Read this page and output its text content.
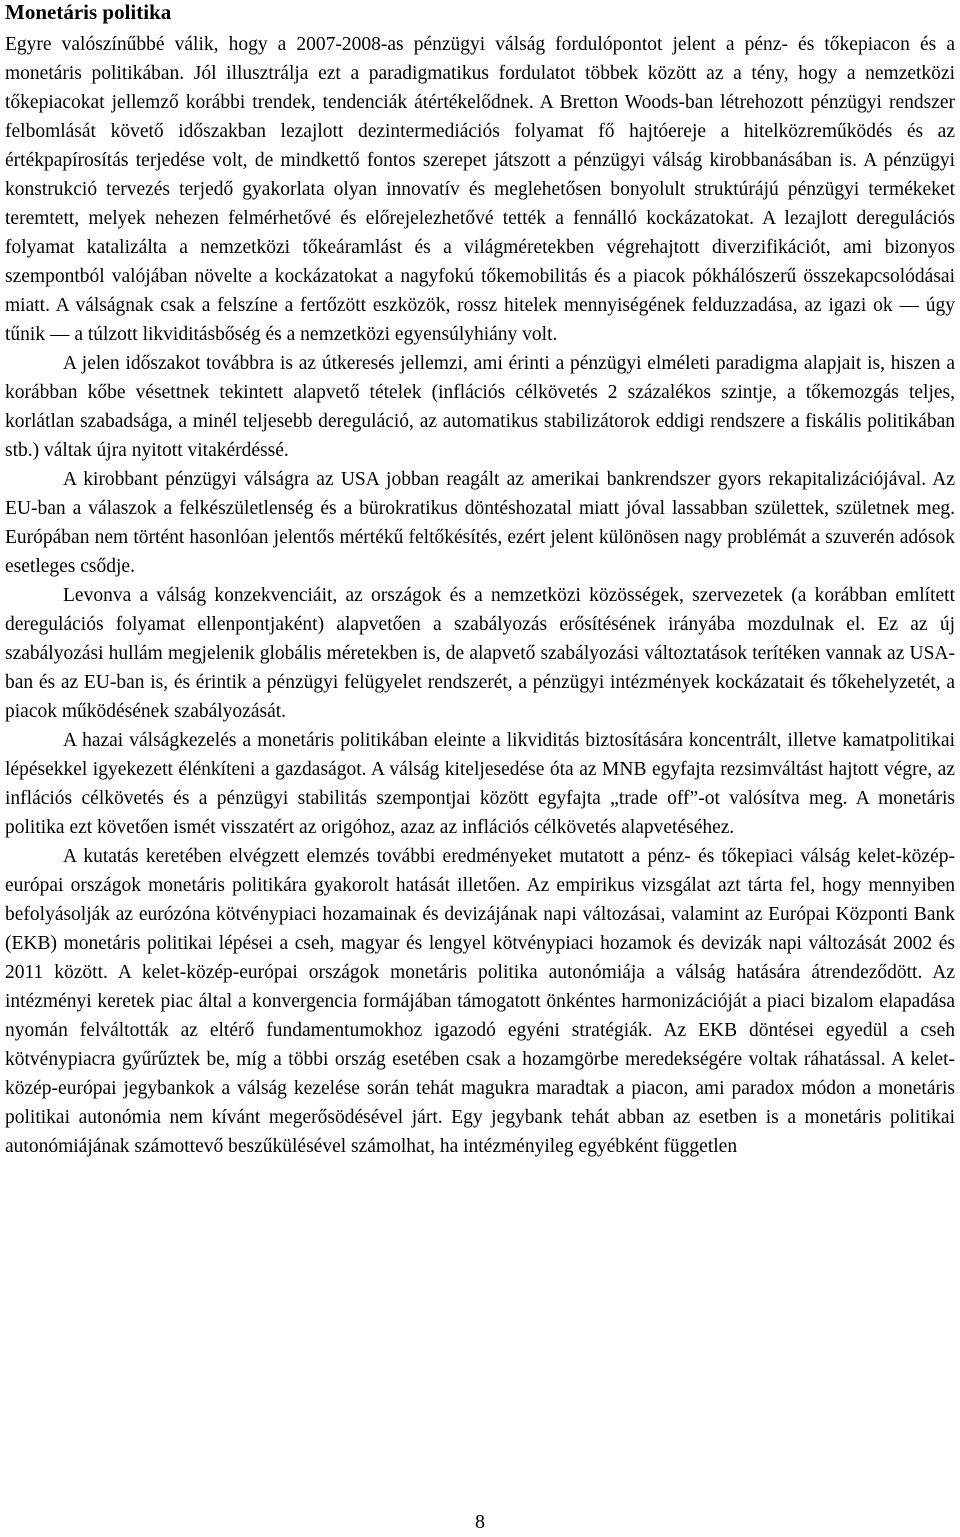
Monetáris politika

Egyre valószínűbbé válik, hogy a 2007-2008-as pénzügyi válság fordulópontot jelent a pénz- és tőkepiacon és a monetáris politikában. Jól illusztrálja ezt a paradigmatikus fordulatot többek között az a tény, hogy a nemzetközi tőkepiacokat jellemző korábbi trendek, tendenciák átértékelődnek. A Bretton Woods-ban létrehozott pénzügyi rendszer felbomlását követő időszakban lezajlott dezintermediációs folyamat fő hajtóereje a hitelközreműködés és az értékpapírosítás terjedése volt, de mindkettő fontos szerepet játszott a pénzügyi válság kirobbanásában is. A pénzügyi konstrukció tervezés terjedő gyakorlata olyan innovatív és meglehetősen bonyolult struktúrájú pénzügyi termékeket teremtett, melyek nehezen felmérhetővé és előrejelezhetővé tették a fennálló kockázatokat. A lezajlott deregulációs folyamat katalizálta a nemzetközi tőkeáramlást és a világméretekben végrehajtott diverzifikációt, ami bizonyos szempontból valójában növelte a kockázatokat a nagyfokú tőkemobilitás és a piacok pókhálószerű összekapcsolódásai miatt. A válságnak csak a felszíne a fertőzött eszközök, rossz hitelek mennyiségének felduzzadása, az igazi ok — úgy tűnik — a túlzott likviditásbőség és a nemzetközi egyensúlyhiány volt.

A jelen időszakot továbbra is az útkeresés jellemzi, ami érinti a pénzügyi elméleti paradigma alapjait is, hiszen a korábban kőbe vésettnek tekintett alapvető tételek (inflációs célkövetés 2 százalékos szintje, a tőkemozgás teljes, korlátlan szabadsága, a minél teljesebb dereguláció, az automatikus stabilizátorok eddigi rendszere a fiskális politikában stb.) váltak újra nyitott vitakérdéssé.

A kirobbant pénzügyi válságra az USA jobban reagált az amerikai bankrendszer gyors rekapitalizációjával. Az EU-ban a válaszok a felkészületlenség és a bürokratikus döntéshozatal miatt jóval lassabban születtek, születnek meg. Európában nem történt hasonlóan jelentős mértékű feltőkésítés, ezért jelent különösen nagy problémát a szuverén adósok esetleges csődje.

Levonva a válság konzekvenciáit, az országok és a nemzetközi közösségek, szervezetek (a korábban említett deregulációs folyamat ellenpontjaként) alapvetően a szabályozás erősítésének irányába mozdulnak el. Ez az új szabályozási hullám megjelenik globális méretekben is, de alapvető szabályozási változtatások terítéken vannak az USA-ban és az EU-ban is, és érintik a pénzügyi felügyelet rendszerét, a pénzügyi intézmények kockázatait és tőkehelyzetét, a piacok működésének szabályozását.

A hazai válságkezelés a monetáris politikában eleinte a likviditás biztosítására koncentrált, illetve kamatpolitikai lépésekkel igyekezett élénkíteni a gazdaságot. A válság kiteljesedése óta az MNB egyfajta rezsimváltást hajtott végre, az inflációs célkövetés és a pénzügyi stabilitás szempontjai között egyfajta „trade off”-ot valósítva meg. A monetáris politika ezt követően ismét visszatért az origóhoz, azaz az inflációs célkövetés alapvetéséhez.

A kutatás keretében elvégzett elemzés további eredményeket mutatott a pénz- és tőkepiaci válság kelet-közép-európai országok monetáris politikára gyakorolt hatását illetően. Az empirikus vizsgálat azt tárta fel, hogy mennyiben befolyásolják az eurózóna kötvénypiaci hozamainak és devizájának napi változásai, valamint az Európai Központi Bank (EKB) monetáris politikai lépései a cseh, magyar és lengyel kötvénypiaci hozamok és devizák napi változását 2002 és 2011 között. A kelet-közép-európai országok monetáris politika autonómiája a válság hatására átrendeződött. Az intézményi keretek piac által a konvergencia formájában támogatott önkéntes harmonizációját a piaci bizalom elapadása nyomán felváltották az eltérő fundamentumokhoz igazodó egyéni stratégiák. Az EKB döntései egyedül a cseh kötvénypiacra gyűrűztek be, míg a többi ország esetében csak a hozamgörbe meredekségére voltak ráhatással. A kelet-közép-európai jegybankok a válság kezelése során tehát magukra maradtak a piacon, ami paradox módon a monetáris politikai autonómia nem kívánt megerősödésével járt. Egy jegybank tehát abban az esetben is a monetáris politikai autonómiájának számottevő beszűkülésével számolhat, ha intézményileg egyébként független

8
